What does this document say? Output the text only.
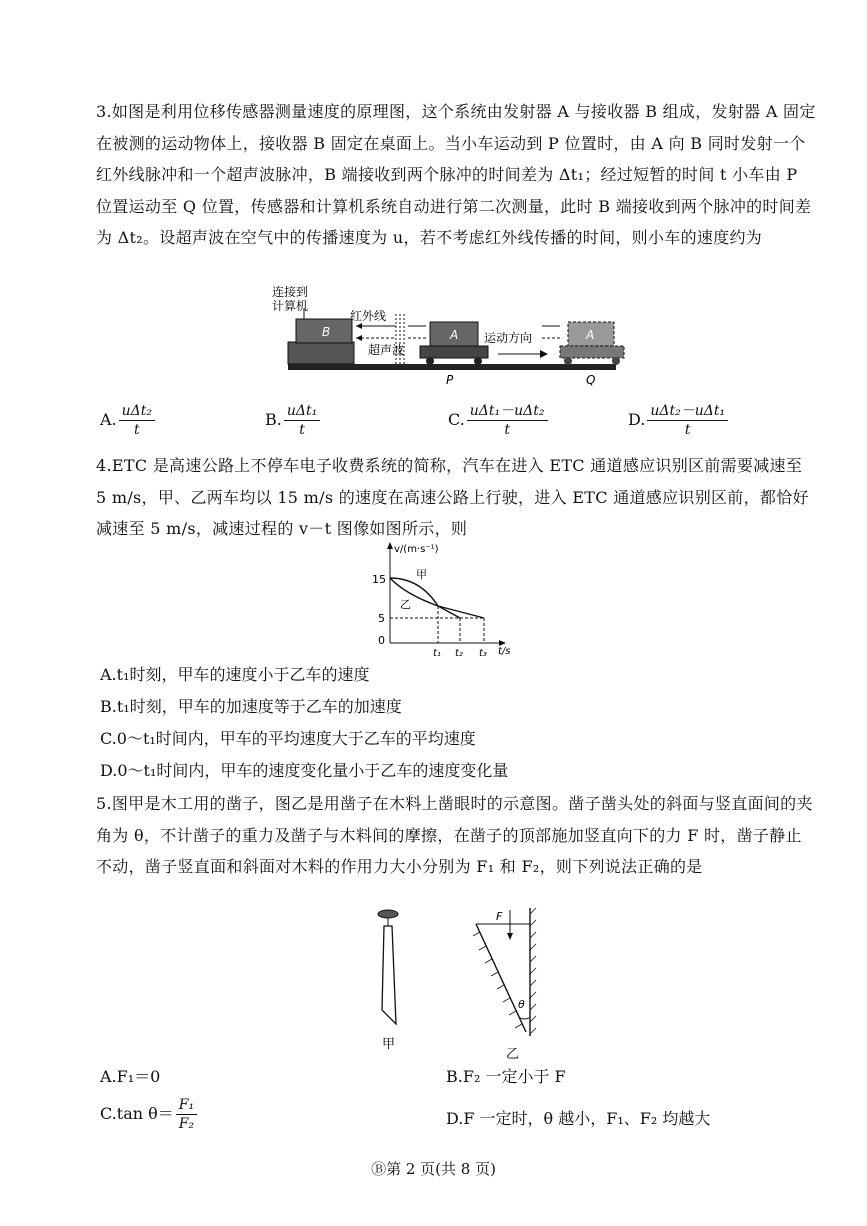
3.如图是利用位移传感器测量速度的原理图，这个系统由发射器 A 与接收器 B 组成，发射器 A 固定在被测的运动物体上，接收器 B 固定在桌面上。当小车运动到 P 位置时，由 A 向 B 同时发射一个红外线脉冲和一个超声波脉冲，B 端接收到两个脉冲的时间差为 Δt₁；经过短暂的时间 t 小车由 P 位置运动至 Q 位置，传感器和计算机系统自动进行第二次测量，此时 B 端接收到两个脉冲的时间差为 Δt₂。设超声波在空气中的传播速度为 u，若不考虑红外线传播的时间，则小车的速度约为
B
连接到
计算机
红外线
超声波
A
P
运动方向	A
Q
A. $\frac{\text{uΔt₂}}{t}$	B. $\frac{\text{uΔt₁}}{t}$	C. $\frac{\text{uΔt₁－uΔt₂}}{t}$	D. $\frac{\text{uΔt₂－uΔt₁}}{t}$
4.ETC 是高速公路上不停车电子收费系统的简称，汽车在进入 ETC 通道感应识别区前需要减速至 5 m/s，甲、乙两车均以 15 m/s 的速度在高速公路上行驶，进入 ETC 通道感应识别区前，都恰好减速至 5 m/s，减速过程的 v－t 图像如图所示，则
v/(m·s⁻¹)
t/s
15
5
0
甲
乙
t₁ t₂ t₃
A.t₁时刻，甲车的速度小于乙车的速度
B.t₁时刻，甲车的加速度等于乙车的加速度
C.0～t₁时间内，甲车的平均速度大于乙车的平均速度
D.0～t₁时间内，甲车的速度变化量小于乙车的速度变化量
5.图甲是木工用的凿子，图乙是用凿子在木料上凿眼时的示意图。凿子凿头处的斜面与竖直面间的夹角为 θ，不计凿子的重力及凿子与木料间的摩擦，在凿子的顶部施加竖直向下的力 F 时，凿子静止不动，凿子竖直面和斜面对木料的作用力大小分别为 F₁ 和 F₂，则下列说法正确的是
甲
F
θ
乙
A.F₁＝0	B.F₂ 一定小于 F
C.tan $\theta= \frac{\text{F₁}}{\text{F₂}}$	D.F 一定时，θ 越小，F₁、F₂ 均越大
Ⓑ第 2 页(共 8 页)
